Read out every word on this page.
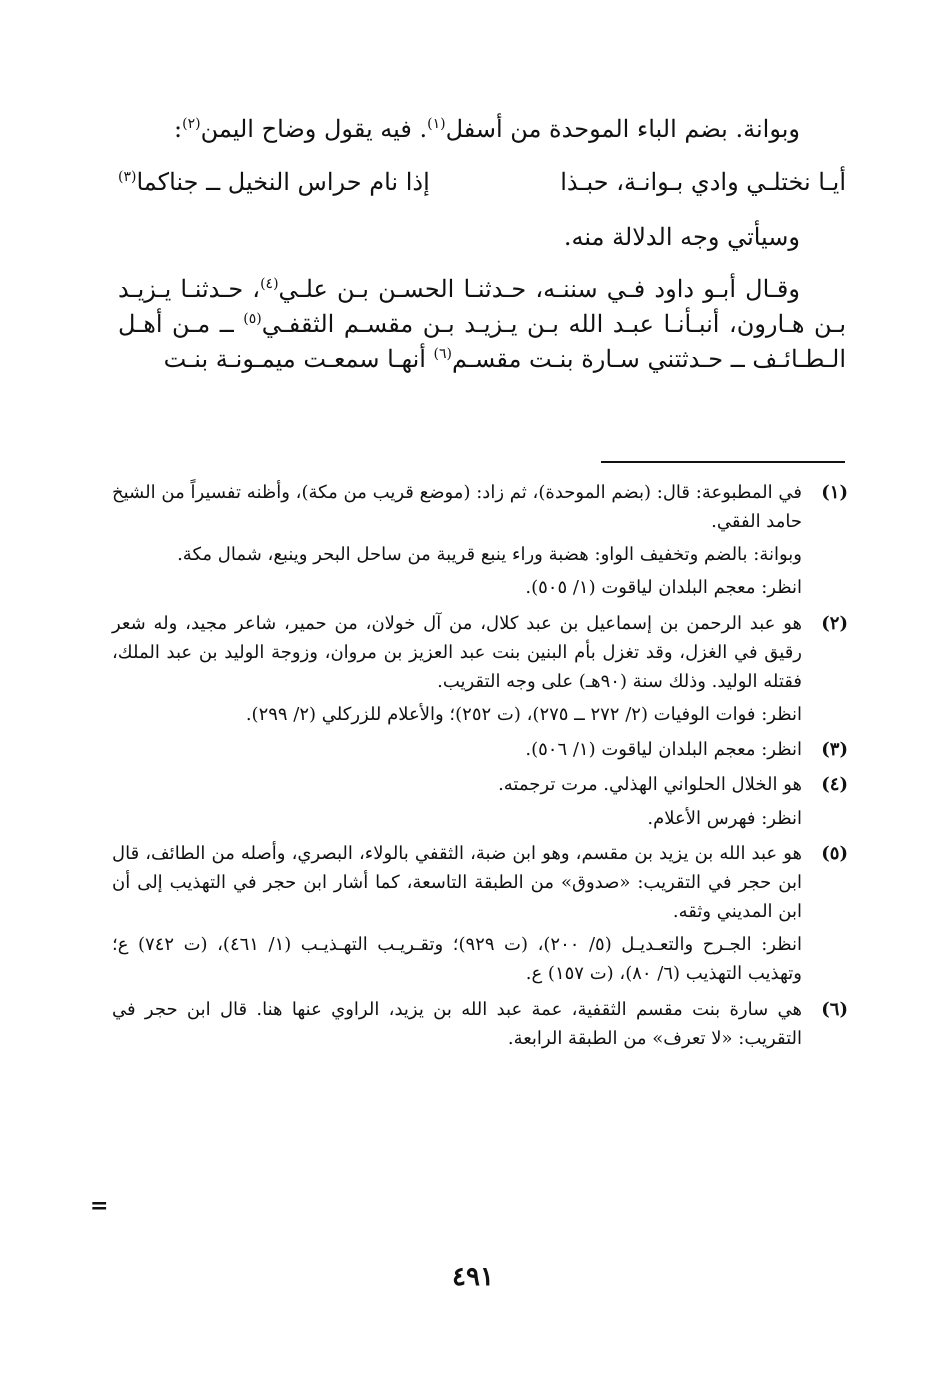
وبوانة. بضم الباء الموحدة من أسفل$^{(١)}$. فيه يقول وضاح اليمن$^{(٢)}$:

أيـا نختلـي وادي بـوانـة، حبـذا
إذا نام حراس النخيل ــ جناكما$^{(٣)}$

وسيأتي وجه الدلالة منه.

وقـال أبـو داود فـي سننـه، حـدثنـا الحسـن بـن علـي$^{(٤)}$، حـدثنـا يـزيـد بـن هـارون، أنبـأنـا عبـد الله بـن يـزيـد بـن مقسـم الثقفـي$^{(٥)}$ ــ مـن أهـل الـطـائـف ــ حـدثتني سـارة بنـت مقسـم$^{(٦)}$ أنهـا سمعـت ميمـونـة بنـت

(١)
في المطبوعة: قال: (بضم الموحدة)، ثم زاد: (موضع قريب من مكة)، وأظنه تفسيراً من الشيخ حامد الفقي.
وبوانة: بالضم وتخفيف الواو: هضبة وراء ينبع قريبة من ساحل البحر وينبع، شمال مكة.
انظر: معجم البلدان لياقوت (١/ ٥٠٥).
(٢)
هو عبد الرحمن بن إسماعيل بن عبد كلال، من آل خولان، من حمير، شاعر مجيد، وله شعر رقيق في الغزل، وقد تغزل بأم البنين بنت عبد العزيز بن مروان، وزوجة الوليد بن عبد الملك، فقتله الوليد. وذلك سنة (٩٠هـ) على وجه التقريب.
انظر: فوات الوفيات (٢/ ٢٧٢ ــ ٢٧٥)، (ت ٢٥٢)؛ والأعلام للزركلي (٢/ ٢٩٩).
(٣)
انظر: معجم البلدان لياقوت (١/ ٥٠٦).
(٤)
هو الخلال الحلواني الهذلي. مرت ترجمته.
انظر: فهرس الأعلام.
(٥)
هو عبد الله بن يزيد بن مقسم، وهو ابن ضبة، الثقفي بالولاء، البصري، وأصله من الطائف، قال ابن حجر في التقريب: «صدوق» من الطبقة التاسعة، كما أشار ابن حجر في التهذيب إلى أن ابن المديني وثقه.
انظر: الجـرح والتعـديـل (٥/ ٢٠٠)، (ت ٩٢٩)؛ وتقـريـب التهـذيـب (١/ ٤٦١)، (ت ٧٤٢) ع؛ وتهذيب التهذيب (٦/ ٨٠)، (ت ١٥٧) ع.
(٦)
هي سارة بنت مقسم الثقفية، عمة عبد الله بن يزيد، الراوي عنها هنا. قال ابن حجر في التقريب: «لا تعرف» من الطبقة الرابعة.
=
٤٩١
